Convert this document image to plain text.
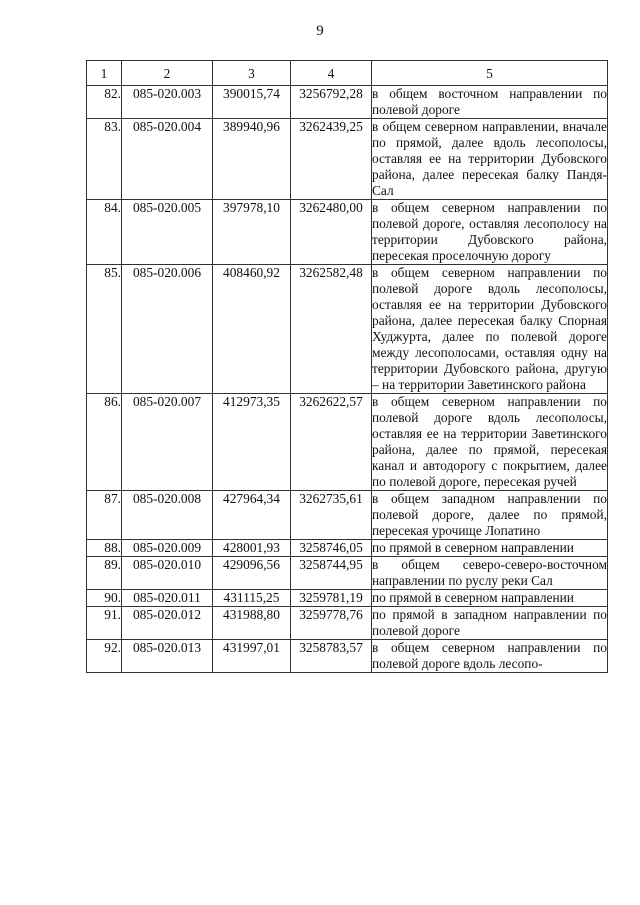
9
1	2	3	4	5
82.	085-020.003	390015,74	3256792,28	в общем восточном направлении по полевой дороге
83.	085-020.004	389940,96	3262439,25	в общем северном направлении, вначале по прямой, далее вдоль лесополосы, оставляя ее на территории Дубовского района, далее пересекая балку Пандя-Сал
84.	085-020.005	397978,10	3262480,00	в общем северном направлении по полевой дороге, оставляя лесополосу на территории Дубовского района, пересекая проселочную дорогу
85.	085-020.006	408460,92	3262582,48	в общем северном направлении по полевой дороге вдоль лесополосы, оставляя ее на территории Дубовского района, далее пересекая балку Спорная Худжурта, далее по полевой дороге между лесополосами, оставляя одну на территории Дубовского района, другую – на территории Заветинского района
86.	085-020.007	412973,35	3262622,57	в общем северном направлении по полевой дороге вдоль лесополосы, оставляя ее на территории Заветинского района, далее по прямой, пересекая канал и автодорогу с покрытием, далее по полевой дороге, пересекая ручей
87.	085-020.008	427964,34	3262735,61	в общем западном направлении по полевой дороге, далее по прямой, пересекая урочище Лопатино
88.	085-020.009	428001,93	3258746,05	по прямой в северном направлении
89.	085-020.010	429096,56	3258744,95	в общем северо-северо-восточном направлении по руслу реки Сал
90.	085-020.011	431115,25	3259781,19	по прямой в северном направлении
91.	085-020.012	431988,80	3259778,76	по прямой в западном направлении по полевой дороге
92.	085-020.013	431997,01	3258783,57	в общем северном направлении по полевой дороге вдоль лесопо-
